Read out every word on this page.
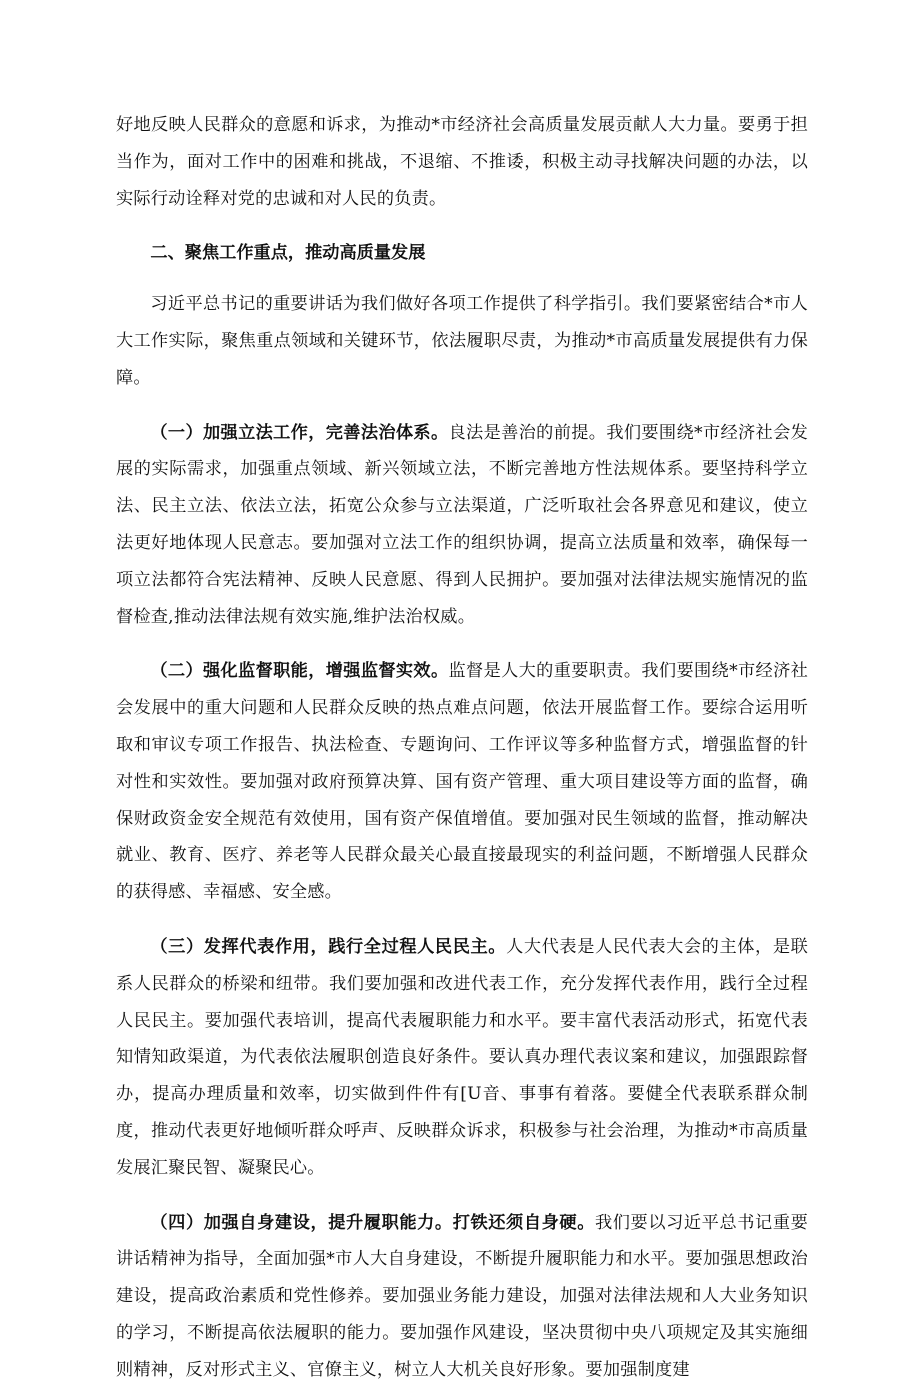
好地反映人民群众的意愿和诉求，为推动*市经济社会高质量发展贡献人大力量。要勇于担当作为，面对工作中的困难和挑战，不退缩、不推诿，积极主动寻找解决问题的办法，以实际行动诠释对党的忠诚和对人民的负责。

二、聚焦工作重点，推动高质量发展

习近平总书记的重要讲话为我们做好各项工作提供了科学指引。我们要紧密结合*市人大工作实际，聚焦重点领域和关键环节，依法履职尽责，为推动*市高质量发展提供有力保障。

（一）加强立法工作，完善法治体系。良法是善治的前提。我们要围绕*市经济社会发展的实际需求，加强重点领域、新兴领域立法，不断完善地方性法规体系。要坚持科学立法、民主立法、依法立法，拓宽公众参与立法渠道，广泛听取社会各界意见和建议，使立法更好地体现人民意志。要加强对立法工作的组织协调，提高立法质量和效率，确保每一项立法都符合宪法精神、反映人民意愿、得到人民拥护。要加强对法律法规实施情况的监督检查,推动法律法规有效实施,维护法治权威。

（二）强化监督职能，增强监督实效。监督是人大的重要职责。我们要围绕*市经济社会发展中的重大问题和人民群众反映的热点难点问题，依法开展监督工作。要综合运用听取和审议专项工作报告、执法检查、专题询问、工作评议等多种监督方式，增强监督的针对性和实效性。要加强对政府预算决算、国有资产管理、重大项目建设等方面的监督，确保财政资金安全规范有效使用，国有资产保值增值。要加强对民生领域的监督，推动解决就业、教育、医疗、养老等人民群众最关心最直接最现实的利益问题，不断增强人民群众的获得感、幸福感、安全感。

（三）发挥代表作用，践行全过程人民民主。人大代表是人民代表大会的主体，是联系人民群众的桥梁和纽带。我们要加强和改进代表工作，充分发挥代表作用，践行全过程人民民主。要加强代表培训，提高代表履职能力和水平。要丰富代表活动形式，拓宽代表知情知政渠道，为代表依法履职创造良好条件。要认真办理代表议案和建议，加强跟踪督办，提高办理质量和效率，切实做到件件有[U音、事事有着落。要健全代表联系群众制度，推动代表更好地倾听群众呼声、反映群众诉求，积极参与社会治理，为推动*市高质量发展汇聚民智、凝聚民心。

（四）加强自身建设，提升履职能力。打铁还须自身硬。我们要以习近平总书记重要讲话精神为指导，全面加强*市人大自身建设，不断提升履职能力和水平。要加强思想政治建设，提高政治素质和党性修养。要加强业务能力建设，加强对法律法规和人大业务知识的学习，不断提高依法履职的能力。要加强作风建设，坚决贯彻中央八项规定及其实施细则精神，反对形式主义、官僚主义，树立人大机关良好形象。要加强制度建
